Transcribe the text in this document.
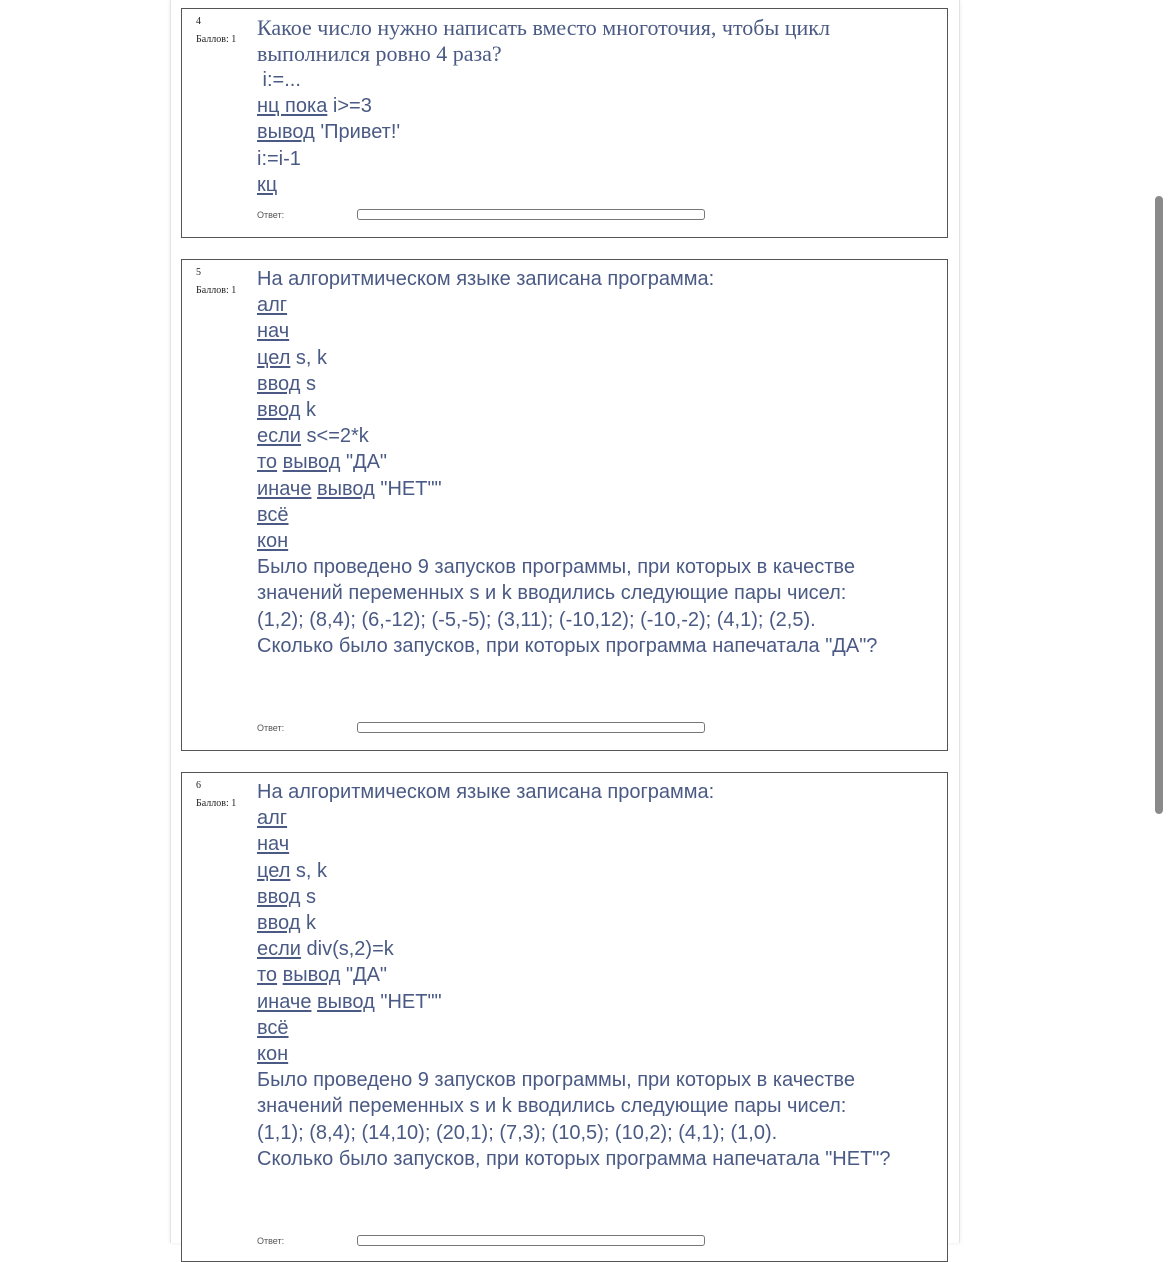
4
Баллов: 1 Какое число нужно написать вместо многоточия, чтобы цикл выполнился ровно 4 раза?
i:=...
нц пока i>=3
вывод 'Привет!'
i:=i-1
кц
Ответ:
5
Баллов: 1
На алгоритмическом языке записана программа:
алг
нач
цел s, k
ввод s
ввод k
если s<=2*k
то вывод "ДА"
иначе вывод "НЕТ""
всё
кон
Было проведено 9 запусков программы, при которых в качестве значений переменных s и k вводились следующие пары чисел:
(1,2); (8,4); (6,-12); (-5,-5); (3,11); (-10,12); (-10,-2); (4,1); (2,5).
Сколько было запусков, при которых программа напечатала "ДА"?
Ответ:
6
Баллов: 1
На алгоритмическом языке записана программа:
алг
нач
цел s, k
ввод s
ввод k
если div(s,2)=k
то вывод "ДА"
иначе вывод "НЕТ""
всё
кон
Было проведено 9 запусков программы, при которых в качестве значений переменных s и k вводились следующие пары чисел:
(1,1); (8,4); (14,10); (20,1); (7,3); (10,5); (10,2); (4,1); (1,0).
Сколько было запусков, при которых программа напечатала "НЕТ"?
Ответ:
